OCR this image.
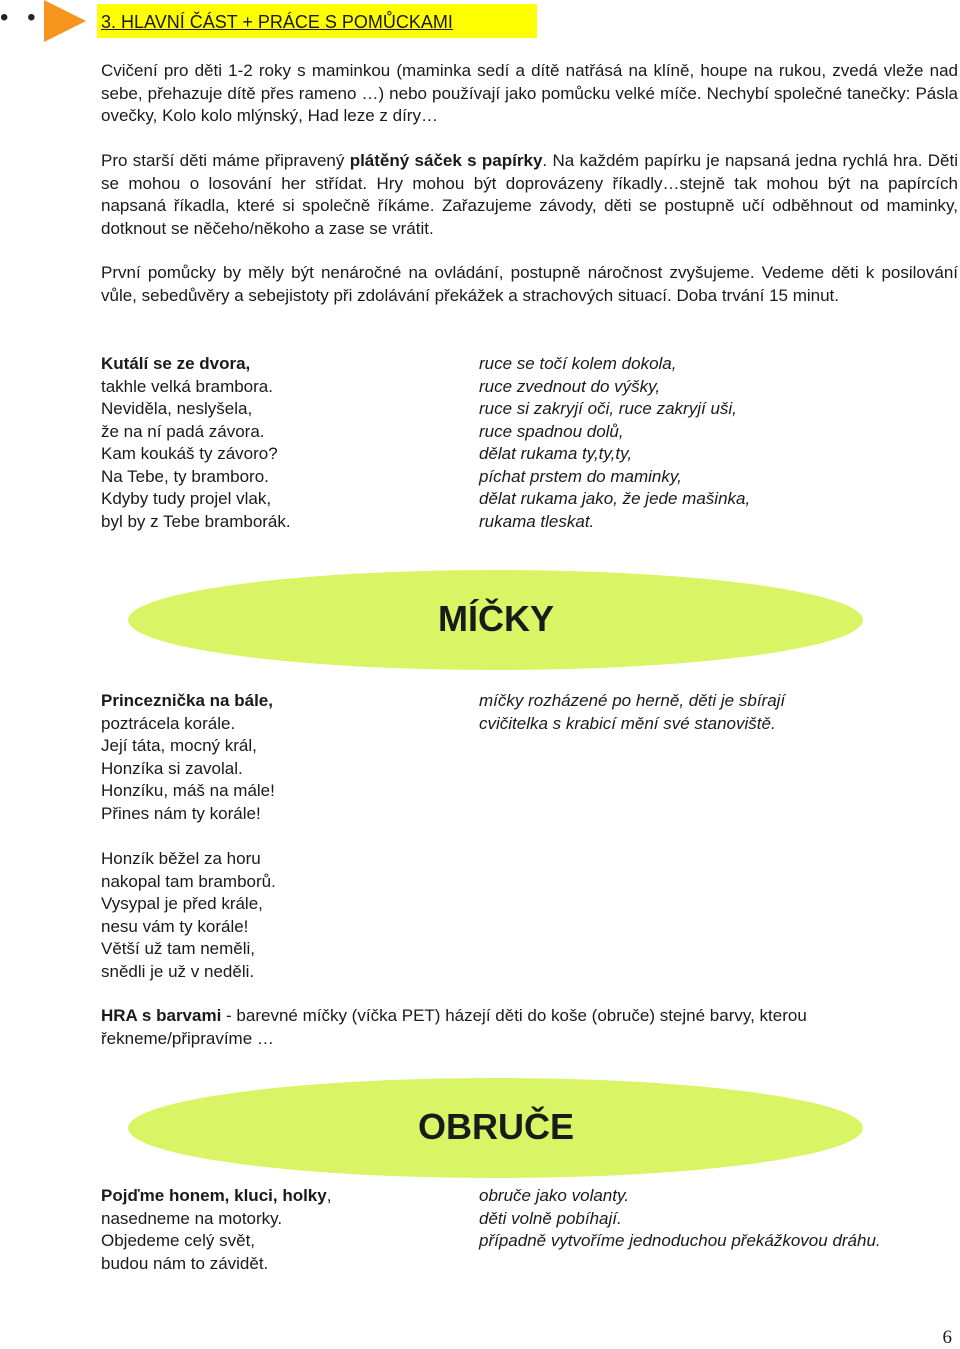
• • • 3. HLAVNÍ ČÁST + PRÁCE S POMŮCKAMI
Cvičení pro děti 1-2 roky s maminkou (maminka sedí a dítě natřásá na klíně, houpe na rukou, zvedá vleže nad sebe, přehazuje dítě přes rameno …) nebo používají jako pomůcku velké míče. Nechybí společné tanečky: Pásla ovečky, Kolo kolo mlýnský, Had leze z díry…
Pro starší děti máme připravený plátěný sáček s papírky. Na každém papírku je napsaná jedna rychlá hra. Děti se mohou o losování her střídat. Hry mohou být doprovázeny říkadly…stejně tak mohou být na papírcích napsaná říkadla, které si společně říkáme. Zařazujeme závody, děti se postupně učí odběhnout od maminky, dotknout se něčeho/někoho a zase se vrátit.
První pomůcky by měly být nenáročné na ovládání, postupně náročnost zvyšujeme. Vedeme děti k posilování vůle, sebedůvěry a sebejistoty při zdolávání překážek a strachových situací. Doba trvání 15 minut.
Kutálí se ze dvora,
takhle velká brambora.
Neviděla, neslyšela,
že na ní padá závora.
Kam koukáš ty závoro?
Na Tebe, ty bramboro.
Kdyby tudy projel vlak,
byl by z Tebe bramborák.
ruce se točí kolem dokola,
ruce zvednout do výšky,
ruce si zakryjí oči, ruce zakryjí uši,
ruce spadnou dolů,
dělat rukama ty,ty,ty,
píchat prstem do maminky,
dělat rukama jako, že jede mašinka,
rukama tleskat.
MÍČKY
Princeznička na bále,
poztrácela korále.
Její táta, mocný král,
Honzíka si zavolal.
Honzíku, máš na mále!
Přines nám ty korále!
míčky rozházené po herně, děti je sbírají
cvičitelka s krabicí mění své stanoviště.
Honzík běžel za horu
nakopal tam bramborů.
Vysypal je před krále,
nesu vám ty korále!
Větší už tam neměli,
snědli je už v neděli.
HRA s barvami - barevné míčky (víčka PET) házejí děti do koše (obruče) stejné barvy, kterou řekneme/připravíme …
OBRUČE
Pojďme honem, kluci, holky,
nasedneme na motorky.
Objedeme celý svět,
budou nám to závidět.
obruče jako volanty.
děti volně pobíhají.
případně vytvoříme jednoduchou překážkovou dráhu.
6
